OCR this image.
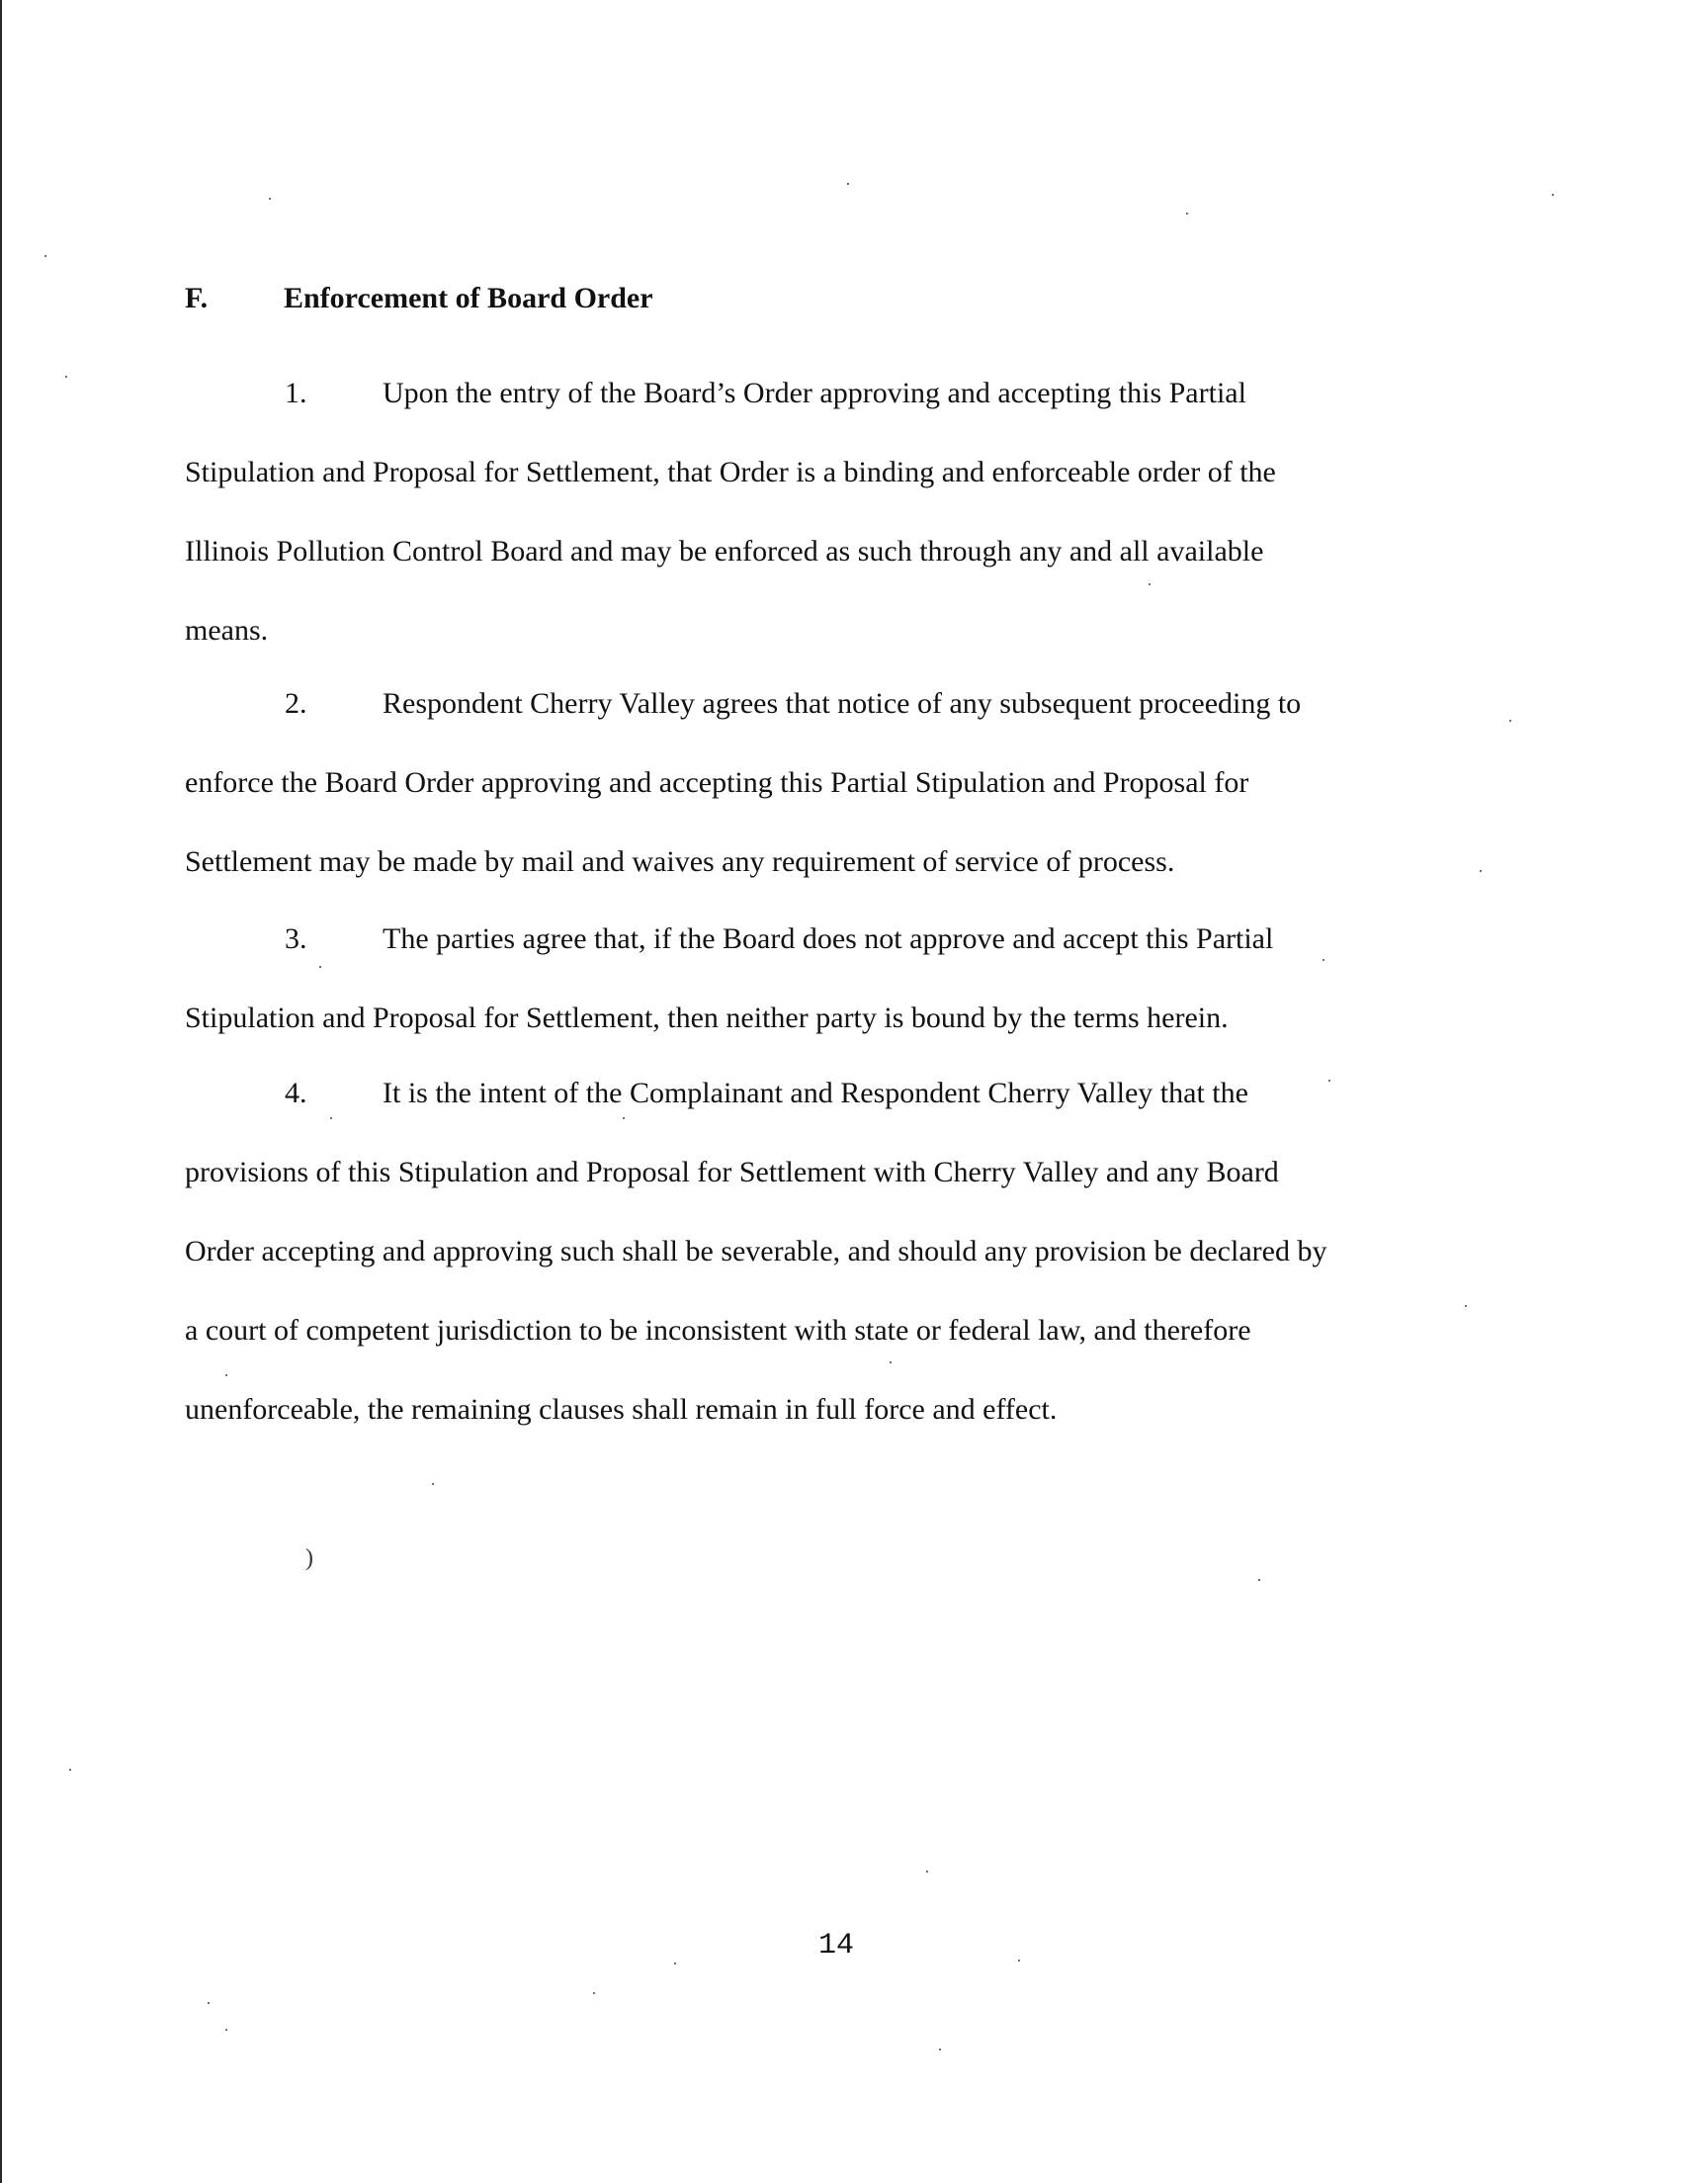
F.	Enforcement of Board Order
1.	Upon the entry of the Board’s Order approving and accepting this Partial
Stipulation and Proposal for Settlement, that Order is a binding and enforceable order of the
Illinois Pollution Control Board and may be enforced as such through any and all available
means.
2.	Respondent Cherry Valley agrees that notice of any subsequent proceeding to
enforce the Board Order approving and accepting this Partial Stipulation and Proposal for
Settlement may be made by mail and waives any requirement of service of process.
3.	The parties agree that, if the Board does not approve and accept this Partial
Stipulation and Proposal for Settlement, then neither party is bound by the terms herein.
4.	It is the intent of the Complainant and Respondent Cherry Valley that the
provisions of this Stipulation and Proposal for Settlement with Cherry Valley and any Board
Order accepting and approving such shall be severable, and should any provision be declared by
a court of competent jurisdiction to be inconsistent with state or federal law, and therefore
unenforceable, the remaining clauses shall remain in full force and effect.
)
14
